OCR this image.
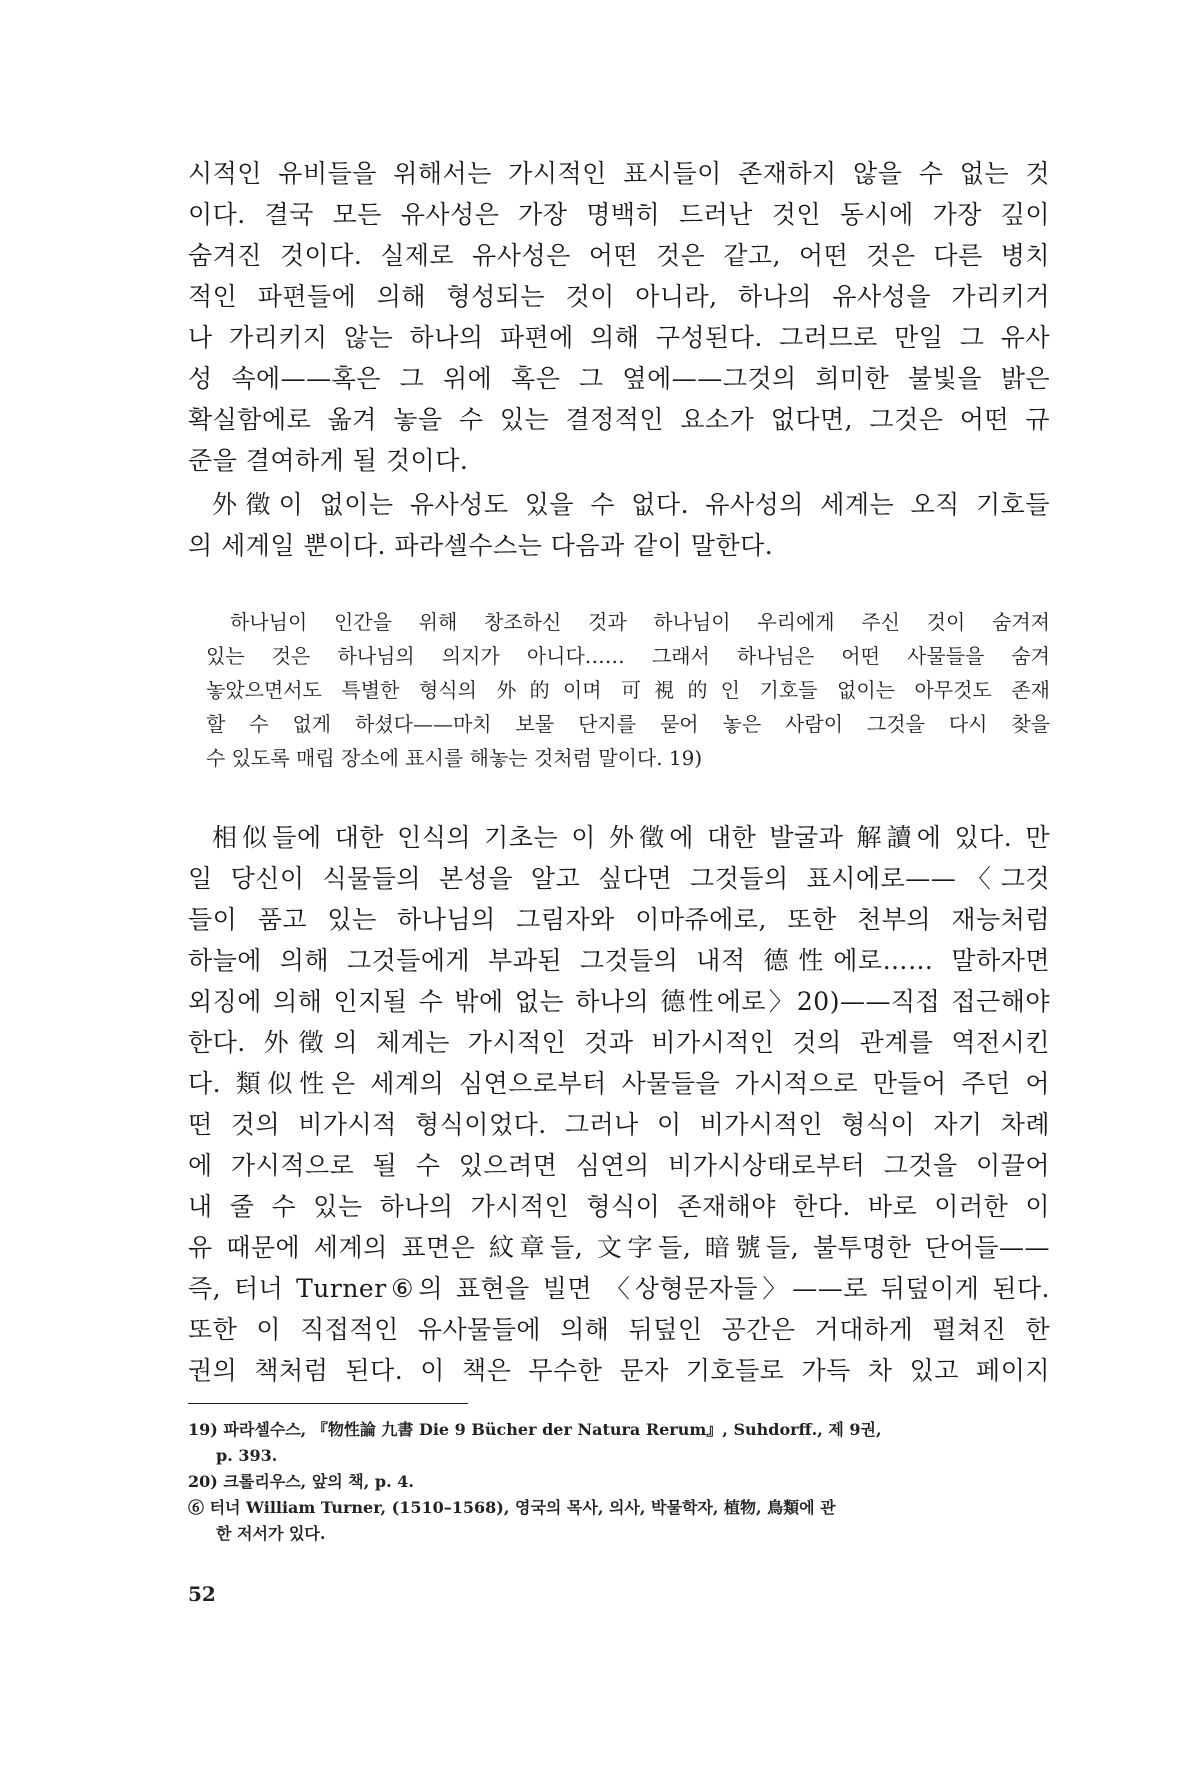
시적인 유비들을 위해서는 가시적인 표시들이 존재하지 않을 수 없는 것
이다. 결국 모든 유사성은 가장 명백히 드러난 것인 동시에 가장 깊이
숨겨진 것이다. 실제로 유사성은 어떤 것은 같고, 어떤 것은 다른 병치
적인 파편들에 의해 형성되는 것이 아니라, 하나의 유사성을 가리키거
나 가리키지 않는 하나의 파편에 의해 구성된다. 그러므로 만일 그 유사
성 속에——혹은 그 위에 혹은 그 옆에——그것의 희미한 불빛을 밝은
확실함에로 옮겨 놓을 수 있는 결정적인 요소가 없다면, 그것은 어떤 규
준을 결여하게 될 것이다.
外徵이 없이는 유사성도 있을 수 없다. 유사성의 세계는 오직 기호들
의 세계일 뿐이다. 파라셀수스는 다음과 같이 말한다.
하나님이 인간을 위해 창조하신 것과 하나님이 우리에게 주신 것이 숨겨져
있는 것은 하나님의 의지가 아니다…… 그래서 하나님은 어떤 사물들을 숨겨
놓았으면서도 특별한 형식의 外的이며 可視的인 기호들 없이는 아무것도 존재
할 수 없게 하셨다——마치 보물 단지를 묻어 놓은 사람이 그것을 다시 찾을
수 있도록 매립 장소에 표시를 해놓는 것처럼 말이다. 19)
相似들에 대한 인식의 기초는 이 外徵에 대한 발굴과 解讀에 있다. 만
일 당신이 식물들의 본성을 알고 싶다면 그것들의 표시에로——〈그것
들이 품고 있는 하나님의 그림자와 이마쥬에로, 또한 천부의 재능처럼
하늘에 의해 그것들에게 부과된 그것들의 내적 德性에로…… 말하자면
외징에 의해 인지될 수 밖에 없는 하나의 德性에로〉20)——직접 접근해야
한다. 外徵의 체계는 가시적인 것과 비가시적인 것의 관계를 역전시킨
다. 類似性은 세계의 심연으로부터 사물들을 가시적으로 만들어 주던 어
떤 것의 비가시적 형식이었다. 그러나 이 비가시적인 형식이 자기 차례
에 가시적으로 될 수 있으려면 심연의 비가시상태로부터 그것을 이끌어
내 줄 수 있는 하나의 가시적인 형식이 존재해야 한다. 바로 이러한 이
유 때문에 세계의 표면은 紋章들, 文字들, 暗號들, 불투명한 단어들——
즉, 터너 Turner⑥의 표현을 빌면 〈상형문자들〉——로 뒤덮이게 된다.
또한 이 직접적인 유사물들에 의해 뒤덮인 공간은 거대하게 펼쳐진 한
권의 책처럼 된다. 이 책은 무수한 문자 기호들로 가득 차 있고 페이지
19) 파라셀수스, 『物性論 九書 Die 9 Bücher der Natura Rerum』, Suhdorff., 제 9권,
p. 393.
20) 크롤리우스, 앞의 책, p. 4.
⑥ 터너 William Turner, (1510–1568), 영국의 목사, 의사, 박물학자, 植物, 鳥類에 관
한 저서가 있다.
52
